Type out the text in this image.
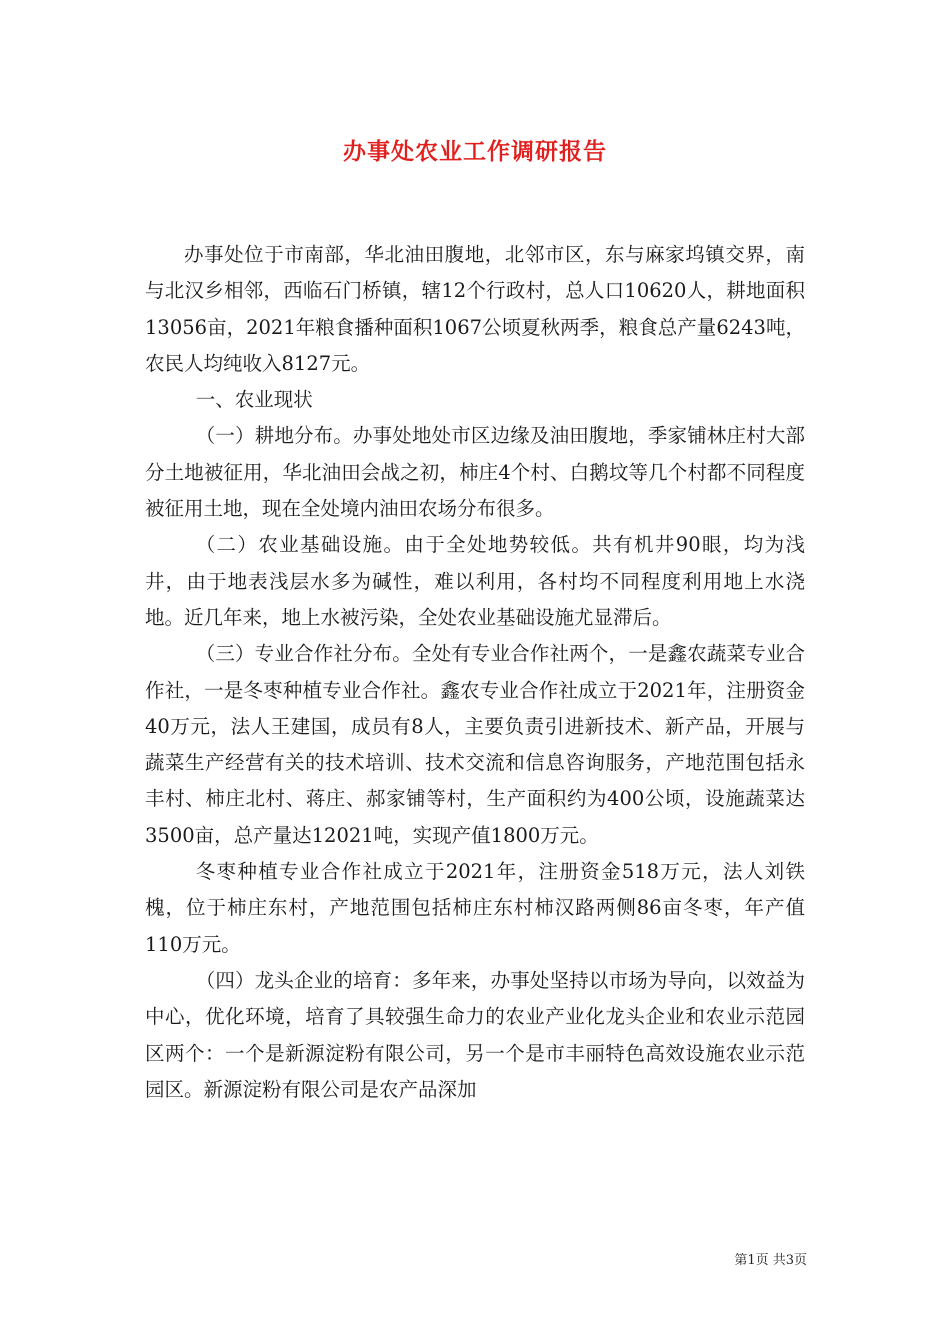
办事处农业工作调研报告

办事处位于市南部，华北油田腹地，北邻市区，东与麻家坞镇交界，南与北汉乡相邻，西临石门桥镇，辖12个行政村，总人口10620人，耕地面积13056亩，2021年粮食播种面积1067公顷夏秋两季，粮食总产量6243吨，农民人均纯收入8127元。

一、农业现状

（一）耕地分布。办事处地处市区边缘及油田腹地，季家铺林庄村大部分土地被征用，华北油田会战之初，柿庄4个村、白鹅坟等几个村都不同程度被征用土地，现在全处境内油田农场分布很多。

（二）农业基础设施。由于全处地势较低。共有机井90眼，均为浅井，由于地表浅层水多为碱性，难以利用，各村均不同程度利用地上水浇地。近几年来，地上水被污染，全处农业基础设施尤显滞后。

（三）专业合作社分布。全处有专业合作社两个，一是鑫农蔬菜专业合作社，一是冬枣种植专业合作社。鑫农专业合作社成立于2021年，注册资金40万元，法人王建国，成员有8人，主要负责引进新技术、新产品，开展与蔬菜生产经营有关的技术培训、技术交流和信息咨询服务，产地范围包括永丰村、柿庄北村、蒋庄、郝家铺等村，生产面积约为400公顷，设施蔬菜达3500亩，总产量达12021吨，实现产值1800万元。

冬枣种植专业合作社成立于2021年，注册资金518万元，法人刘铁槐，位于柿庄东村，产地范围包括柿庄东村柿汉路两侧86亩冬枣，年产值110万元。

（四）龙头企业的培育：多年来，办事处坚持以市场为导向，以效益为中心，优化环境，培育了具较强生命力的农业产业化龙头企业和农业示范园区两个：一个是新源淀粉有限公司，另一个是市丰丽特色高效设施农业示范园区。新源淀粉有限公司是农产品深加

第1页 共3页
